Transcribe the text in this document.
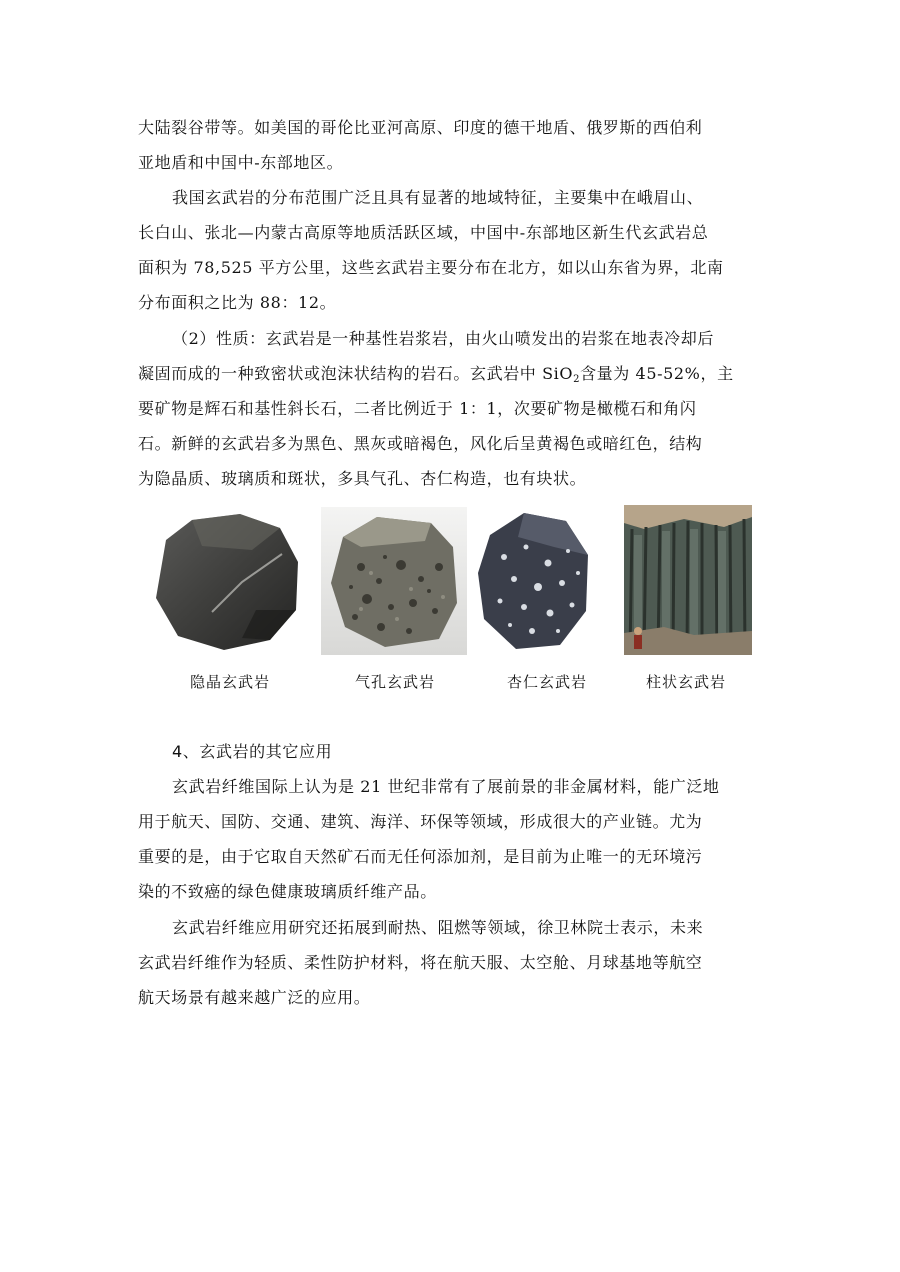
大陆裂谷带等。如美国的哥伦比亚河高原、印度的德干地盾、俄罗斯的西伯利
亚地盾和中国中-东部地区。
我国玄武岩的分布范围广泛且具有显著的地域特征，主要集中在峨眉山、
长白山、张北—内蒙古高原等地质活跃区域，中国中-东部地区新生代玄武岩总
面积为 78,525 平方公里，这些玄武岩主要分布在北方，如以山东省为界，北南
分布面积之比为 88：12。
（2）性质：玄武岩是一种基性岩浆岩，由火山喷发出的岩浆在地表冷却后
凝固而成的一种致密状或泡沫状结构的岩石。玄武岩中 SiO$_2$含量为 45-52%，主
要矿物是辉石和基性斜长石，二者比例近于 1：1，次要矿物是橄榄石和角闪
石。新鲜的玄武岩多为黑色、黑灰或暗褐色，风化后呈黄褐色或暗红色，结构
为隐晶质、玻璃质和斑状，多具气孔、杏仁构造，也有块状。
隐晶玄武岩	气孔玄武岩	杏仁玄武岩	柱状玄武岩
4、玄武岩的其它应用
玄武岩纤维国际上认为是 21 世纪非常有了展前景的非金属材料，能广泛地
用于航天、国防、交通、建筑、海洋、环保等领域，形成很大的产业链。尤为
重要的是，由于它取自天然矿石而无任何添加剂，是目前为止唯一的无环境污
染的不致癌的绿色健康玻璃质纤维产品。
玄武岩纤维应用研究还拓展到耐热、阻燃等领域，徐卫林院士表示，未来
玄武岩纤维作为轻质、柔性防护材料，将在航天服、太空舱、月球基地等航空
航天场景有越来越广泛的应用。
